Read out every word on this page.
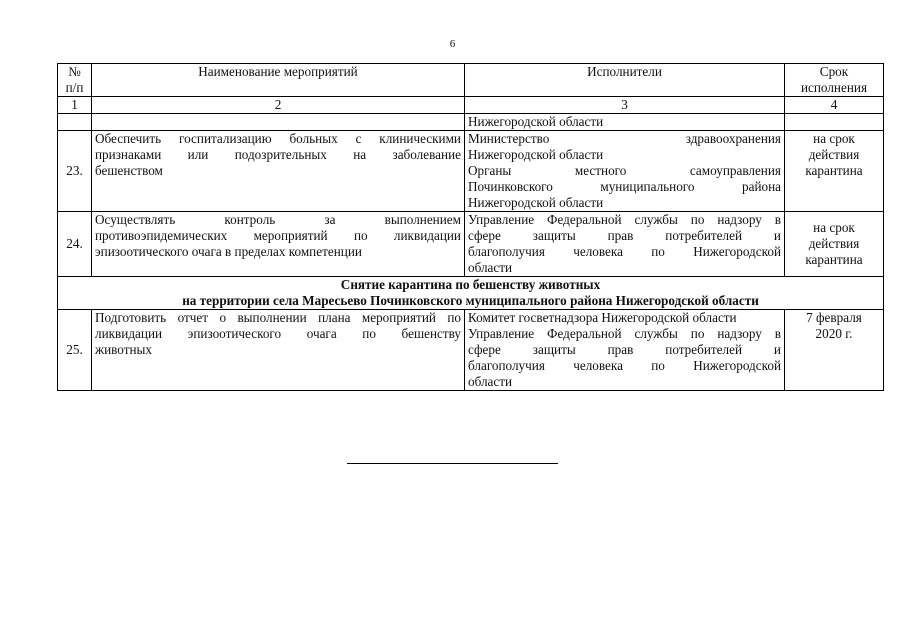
6
№
п/п	Наименование мероприятий	Исполнители	Срок
исполнения

1	2	3	4
		Нижегородской области	
23.	Обеспечить госпитализацию больных с клиническими
признаками или подозрительных на заболевание
бешенством	Министерство здравоохранения
Нижегородской области
Органы местного самоуправления
Починковского муниципального района
Нижегородской области	на срок
действия
карантина

24.	Осуществлять контроль за выполнением
противоэпидемических мероприятий по ликвидации
эпизоотического очага в пределах компетенции	Управление Федеральной службы по надзору в
сфере защиты прав потребителей и
благополучия человека по Нижегородской
области	на срок
действия
карантина

Снятие карантина по бешенству животных
на территории села Маресьево Починковского муниципального района Нижегородской области			

25.	Подготовить отчет о выполнении плана мероприятий по
ликвидации эпизоотического очага по бешенству
животных	Комитет госветнадзора Нижегородской области
Управление Федеральной службы по надзору в
сфере защиты прав потребителей и
благополучия человека по Нижегородской
области	7 февраля
2020 г.
